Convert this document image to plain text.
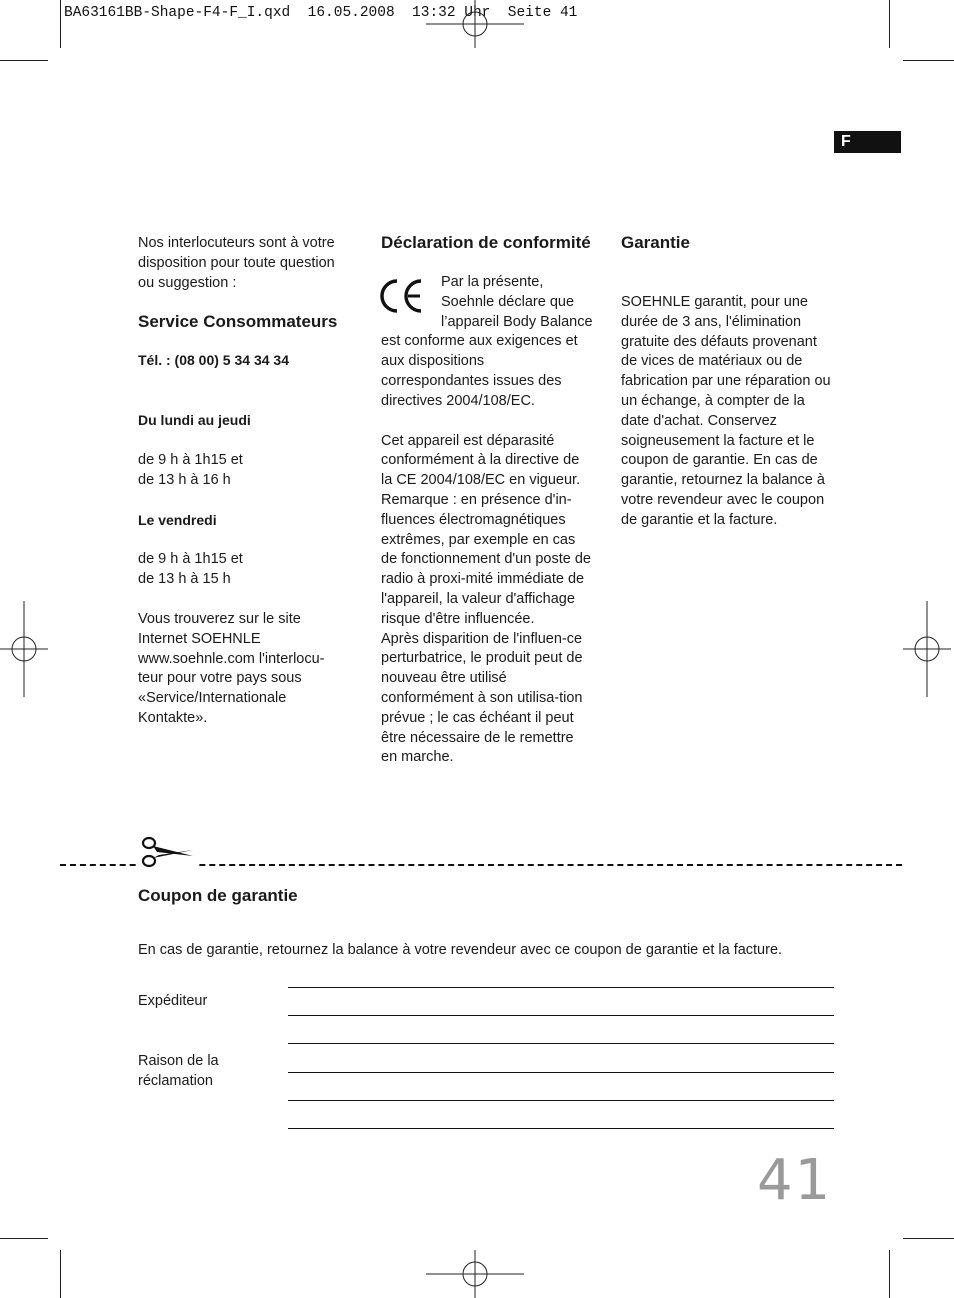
BA63161BB-Shape-F4-F_I.qxd  16.05.2008  13:32 Uhr  Seite 41
F

Nos interlocuteurs sont à votre disposition pour toute question ou suggestion :

Service Consommateurs

Tél. : (08 00) 5 34 34 34

Du lundi au jeudi

de 9 h à 1h15 et

de 13 h à 16 h

Le vendredi

de 9 h à 1h15 et

de 13 h à 15 h

Vous trouverez sur le site Internet SOEHNLE www.soehnle.com l'interlocu-teur pour votre pays sous «Service/Internationale Kontakte».

Déclaration de conformité

Par la présente, Soehnle déclare que l’appareil Body Balance est conforme aux exigences et aux dispositions correspondantes issues des directives 2004/108/EC.

Cet appareil est déparasité conformément à la directive de la CE 2004/108/EC en vigueur.

Remarque : en présence d'in-fluences électromagnétiques extrêmes, par exemple en cas de fonctionnement d'un poste de radio à proxi-mité immédiate de l'appareil, la valeur d'affichage risque d'être influencée.

Après disparition de l'influen-ce perturbatrice, le produit peut de nouveau être utilisé conformément à son utilisa-tion prévue ; le cas échéant il peut être nécessaire de le remettre en marche.

Garantie

SOEHNLE garantit, pour une durée de 3 ans, l'élimination gratuite des défauts provenant de vices de matériaux ou de fabrication par une réparation ou un échange, à compter de la date d'achat. Conservez soigneusement la facture et le coupon de garantie. En cas de garantie, retournez la balance à votre revendeur avec le coupon de garantie et la facture.

Coupon de garantie
En cas de garantie, retournez la balance à votre revendeur avec ce coupon de garantie et la facture.
Expéditeur
Raison de la
réclamation
41
